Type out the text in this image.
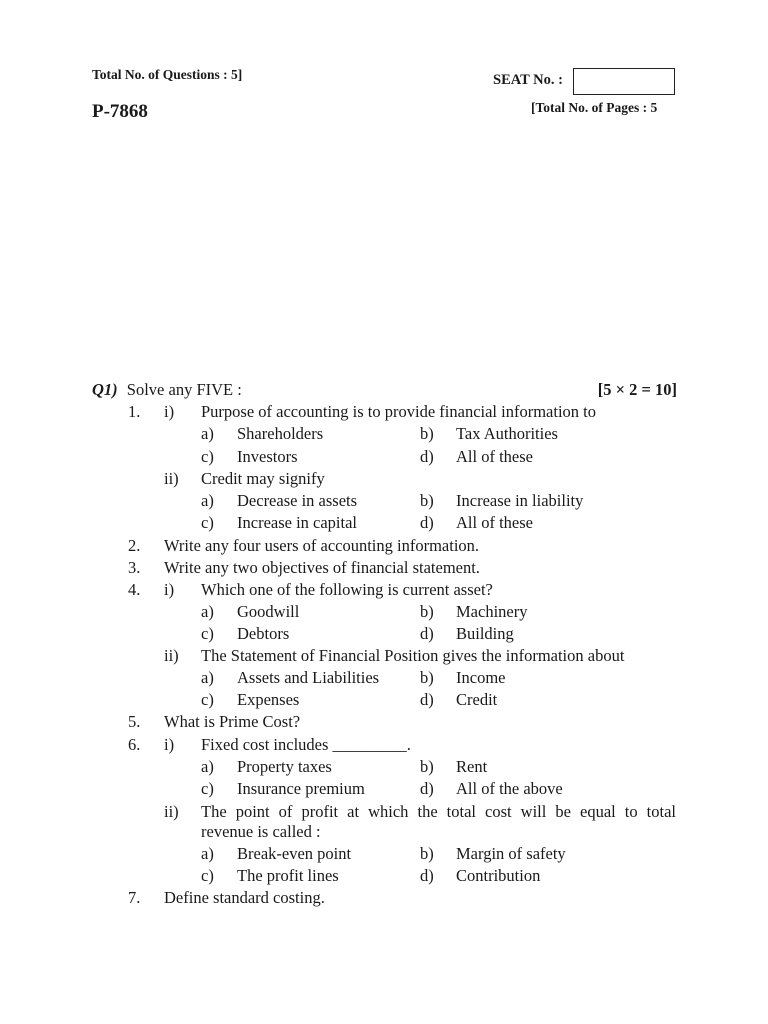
Total No. of Questions : 5]
P-7868
SEAT No. :
[Total No. of Pages : 5
Q1) Solve any FIVE :	[5 × 2 = 10]
1. i) Purpose of accounting is to provide financial information to
a) Shareholders	b) Tax Authorities
c) Investors	d) All of these
ii) Credit may signify
a) Decrease in assets	b) Increase in liability
c) Increase in capital	d) All of these
2. Write any four users of accounting information.
3. Write any two objectives of financial statement.
4. i) Which one of the following is current asset?
a) Goodwill	b) Machinery
c) Debtors	d) Building
ii) The Statement of Financial Position gives the information about
a) Assets and Liabilities b) Income
c) Expenses	d) Credit
5. What is Prime Cost?
6. i) Fixed cost includes _________.
a) Property taxes	b) Rent
c) Insurance premium	d) All of the above
ii) The point of profit at which the total cost will be equal to total
revenue is called :
a) Break-even point	b) Margin of safety
c) The profit lines	d) Contribution
7. Define standard costing.
